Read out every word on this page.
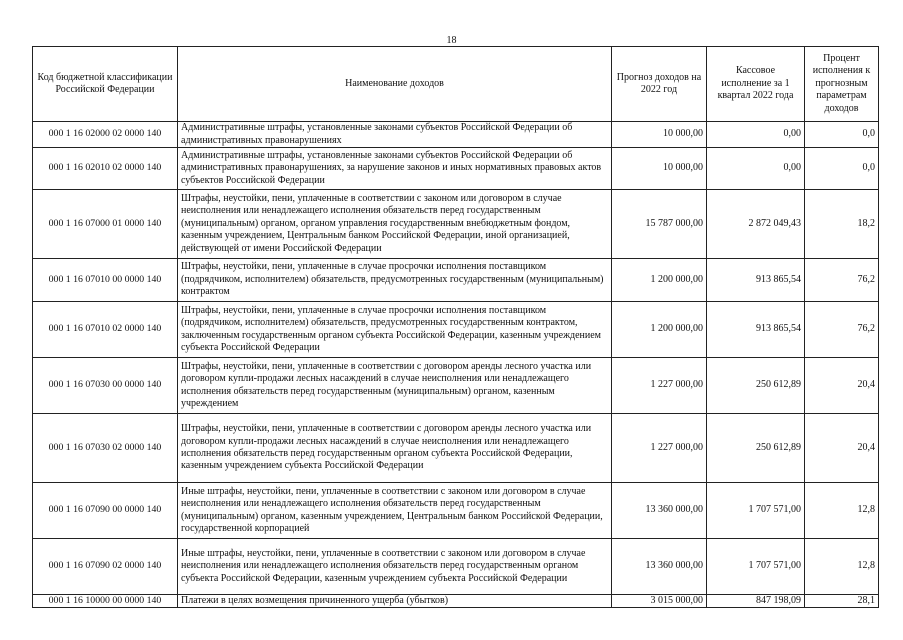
18
Код бюджетной классификации Российской Федерации	Наименование доходов	Прогноз доходов на 2022 год	Кассовое исполнение за 1 квартал 2022 года	Процент исполнения к прогнозным параметрам доходов
000 1 16 02000 02 0000 140	Административные штрафы, установленные законами субъектов Российской Федерации об административных правонарушениях	10 000,00	0,00	0,0
000 1 16 02010 02 0000 140	Административные штрафы, установленные законами субъектов Российской Федерации об административных правонарушениях, за нарушение законов и иных нормативных правовых актов субъектов Российской Федерации	10 000,00	0,00	0,0
000 1 16 07000 01 0000 140	Штрафы, неустойки, пени, уплаченные в соответствии с законом или договором в случае неисполнения или ненадлежащего исполнения обязательств перед государственным (муниципальным) органом, органом управления государственным внебюджетным фондом, казенным учреждением, Центральным банком Российской Федерации, иной организацией, действующей от имени Российской Федерации	15 787 000,00	2 872 049,43	18,2
000 1 16 07010 00 0000 140	Штрафы, неустойки, пени, уплаченные в случае просрочки исполнения поставщиком (подрядчиком, исполнителем) обязательств, предусмотренных государственным (муниципальным) контрактом	1 200 000,00	913 865,54	76,2
000 1 16 07010 02 0000 140	Штрафы, неустойки, пени, уплаченные в случае просрочки исполнения поставщиком (подрядчиком, исполнителем) обязательств, предусмотренных государственным контрактом, заключенным государственным органом субъекта Российской Федерации, казенным учреждением субъекта Российской Федерации	1 200 000,00	913 865,54	76,2
000 1 16 07030 00 0000 140	Штрафы, неустойки, пени, уплаченные в соответствии с договором аренды лесного участка или договором купли-продажи лесных насаждений в случае неисполнения или ненадлежащего исполнения обязательств перед государственным (муниципальным) органом, казенным учреждением	1 227 000,00	250 612,89	20,4
000 1 16 07030 02 0000 140	Штрафы, неустойки, пени, уплаченные в соответствии с договором аренды лесного участка или договором купли-продажи лесных насаждений в случае неисполнения или ненадлежащего исполнения обязательств перед государственным органом субъекта Российской Федерации, казенным учреждением субъекта Российской Федерации	1 227 000,00	250 612,89	20,4
000 1 16 07090 00 0000 140	Иные штрафы, неустойки, пени, уплаченные в соответствии с законом или договором в случае неисполнения или ненадлежащего исполнения обязательств перед государственным (муниципальным) органом, казенным учреждением, Центральным банком Российской Федерации, государственной корпорацией	13 360 000,00	1 707 571,00	12,8
000 1 16 07090 02 0000 140	Иные штрафы, неустойки, пени, уплаченные в соответствии с законом или договором в случае неисполнения или ненадлежащего исполнения обязательств перед государственным органом субъекта Российской Федерации, казенным учреждением субъекта Российской Федерации	13 360 000,00	1 707 571,00	12,8
000 1 16 10000 00 0000 140	Платежи в целях возмещения причиненного ущерба (убытков)	3 015 000,00	847 198,09	28,1
